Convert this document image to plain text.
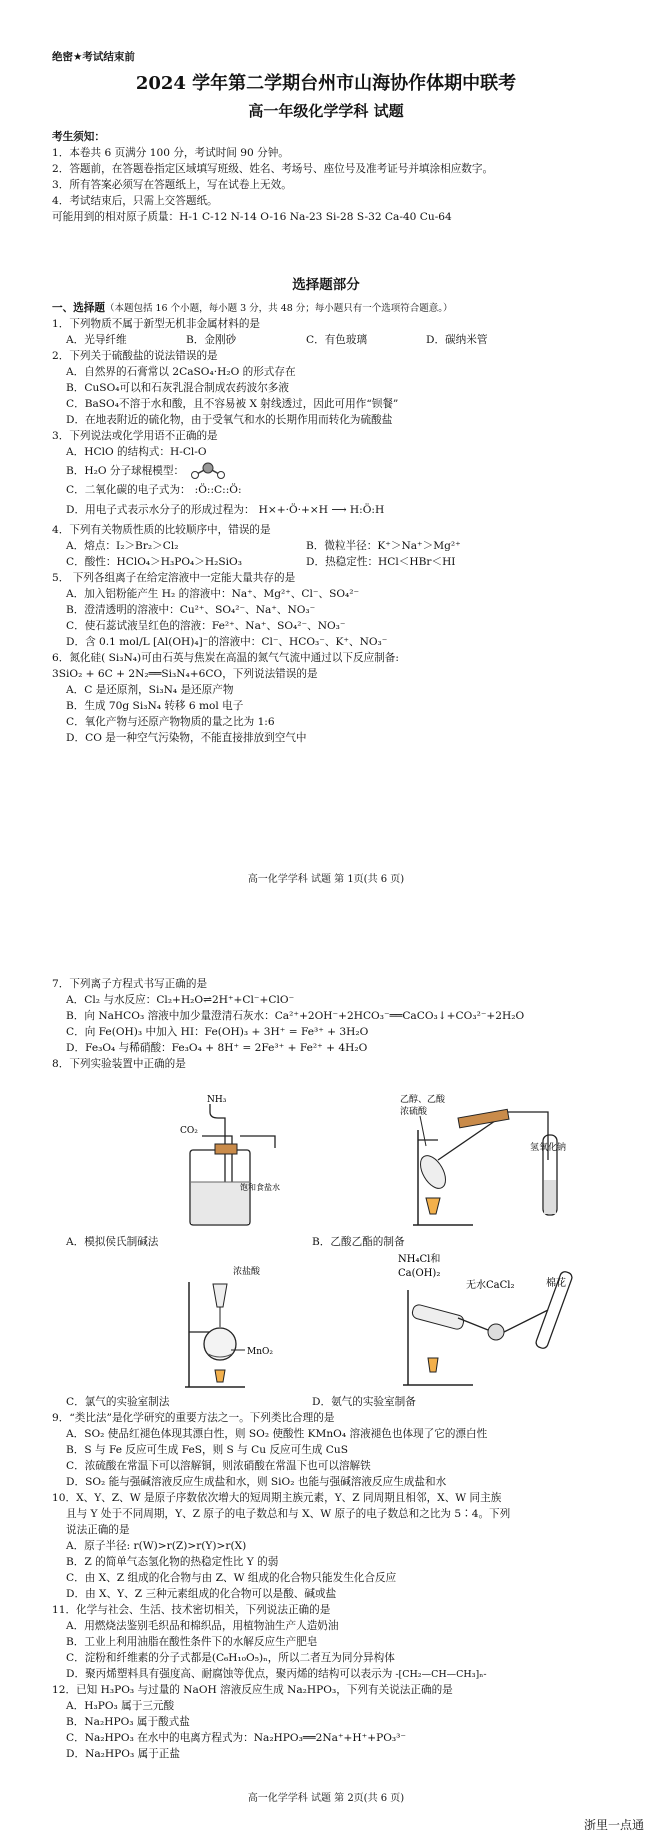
绝密★考试结束前
2024 学年第二学期台州市山海协作体期中联考
高一年级化学学科 试题
考生须知：
1．本卷共 6 页满分 100 分，考试时间 90 分钟。
2．答题前，在答题卷指定区域填写班级、姓名、考场号、座位号及准考证号并填涂相应数字。
3．所有答案必须写在答题纸上，写在试卷上无效。
4．考试结束后，只需上交答题纸。
可能用到的相对原子质量：H-1 C-12 N-14 O-16 Na-23 Si-28 S-32 Ca-40 Cu-64
选择题部分
一、选择题（本题包括 16 个小题，每小题 3 分，共 48 分；每小题只有一个选项符合题意。）
1．下列物质不属于新型无机非金属材料的是
A．光导纤维	B．金刚砂	C．有色玻璃	D．碳纳米管
2．下列关于硫酸盐的说法错误的是
A．自然界的石膏常以 2CaSO₄·H₂O 的形式存在
B．CuSO₄可以和石灰乳混合制成农药波尔多液
C．BaSO₄不溶于水和酸，且不容易被 X 射线透过，因此可用作“钡餐”
D．在地表附近的硫化物，由于受氧气和水的长期作用而转化为硫酸盐
3．下列说法或化学用语不正确的是
A．HClO 的结构式：H-Cl-O
B．H₂O 分子球棍模型：
C．二氧化碳的电子式为： :Ö::C::Ö:
D．用电子式表示水分子的形成过程为： H×+·Ö·+×H ⟶ H:Ö:H
4．下列有关物质性质的比较顺序中，错误的是
A．熔点：I₂＞Br₂＞Cl₂	B．微粒半径：K⁺＞Na⁺＞Mg²⁺
C．酸性：HClO₄＞H₃PO₄＞H₂SiO₃	D．热稳定性：HCl＜HBr＜HI
5． 下列各组离子在给定溶液中一定能大量共存的是
A．加入铝粉能产生 H₂ 的溶液中：Na⁺、Mg²⁺、Cl⁻、SO₄²⁻
B．澄清透明的溶液中：Cu²⁺、SO₄²⁻、Na⁺、NO₃⁻
C．使石蕊试液呈红色的溶液：Fe²⁺、Na⁺、SO₄²⁻、NO₃⁻
D．含 0.1 mol/L [Al(OH)₄]⁻的溶液中：Cl⁻、HCO₃⁻、K⁺、NO₃⁻
6．氮化硅( Si₃N₄)可由石英与焦炭在高温的氮气气流中通过以下反应制备:
3SiO₂ + 6C + 2N₂══Si₃N₄+6CO，下列说法错误的是
A．C 是还原剂，Si₃N₄ 是还原产物
B．生成 70g Si₃N₄ 转移 6 mol 电子
C．氧化产物与还原产物物质的量之比为 1:6
D．CO 是一种空气污染物，不能直接排放到空气中
高一化学学科 试题 第 1页(共 6 页)
7．下列离子方程式书写正确的是
A．Cl₂ 与水反应：Cl₂+H₂O⇌2H⁺+Cl⁻+ClO⁻
B．向 NaHCO₃ 溶液中加少量澄清石灰水：Ca²⁺+2OH⁻+2HCO₃⁻══CaCO₃↓+CO₃²⁻+2H₂O
C．向 Fe(OH)₃ 中加入 HI：Fe(OH)₃ + 3H⁺ = Fe³⁺ + 3H₂O
D．Fe₃O₄ 与稀硝酸：Fe₃O₄ + 8H⁺ = 2Fe³⁺ + Fe²⁺ + 4H₂O
8．下列实验装置中正确的是
NH₃
CO₂
饱和食盐水
乙醇、乙酸
浓硫酸
氢氧化钠
A．模拟侯氏制碱法	B．乙酸乙酯的制备
浓盐酸
MnO₂
NH₄Cl和
Ca(OH)₂
无水CaCl₂	棉花
C．氯气的实验室制法	D．氨气的实验室制备
9．“类比法”是化学研究的重要方法之一。下列类比合理的是
A．SO₂ 使品红褪色体现其漂白性，则 SO₂ 使酸性 KMnO₄ 溶液褪色也体现了它的漂白性
B．S 与 Fe 反应可生成 FeS，则 S 与 Cu 反应可生成 CuS
C．浓硫酸在常温下可以溶解铜，则浓硝酸在常温下也可以溶解铁
D．SO₂ 能与强碱溶液反应生成盐和水，则 SiO₂ 也能与强碱溶液反应生成盐和水
10．X、Y、Z、W 是原子序数依次增大的短周期主族元素，Y、Z 同周期且相邻，X、W 同主族
且与 Y 处于不同周期，Y、Z 原子的电子数总和与 X、W 原子的电子数总和之比为 5∶4。下列
说法正确的是
A．原子半径: r(W)>r(Z)>r(Y)>r(X)
B．Z 的简单气态氢化物的热稳定性比 Y 的弱
C．由 X、Z 组成的化合物与由 Z、W 组成的化合物只能发生化合反应
D．由 X、Y、Z 三种元素组成的化合物可以是酸、碱或盐
11．化学与社会、生活、技术密切相关，下列说法正确的是
A．用燃烧法鉴别毛织品和棉织品，用植物油生产人造奶油
B．工业上利用油脂在酸性条件下的水解反应生产肥皂
C．淀粉和纤维素的分子式都是(C₆H₁₀O₅)ₙ，所以二者互为同分异构体
D．聚丙烯塑料具有强度高、耐腐蚀等优点，聚丙烯的结构可以表示为 -[CH₂—CH—CH₃]ₙ-
12．已知 H₃PO₃ 与过量的 NaOH 溶液反应生成 Na₂HPO₃，下列有关说法正确的是
A．H₃PO₃ 属于三元酸
B．Na₂HPO₃ 属于酸式盐
C．Na₂HPO₃ 在水中的电离方程式为：Na₂HPO₃══2Na⁺+H⁺+PO₃³⁻
D．Na₂HPO₃ 属于正盐
高一化学学科 试题 第 2页(共 6 页)
浙里一点通
